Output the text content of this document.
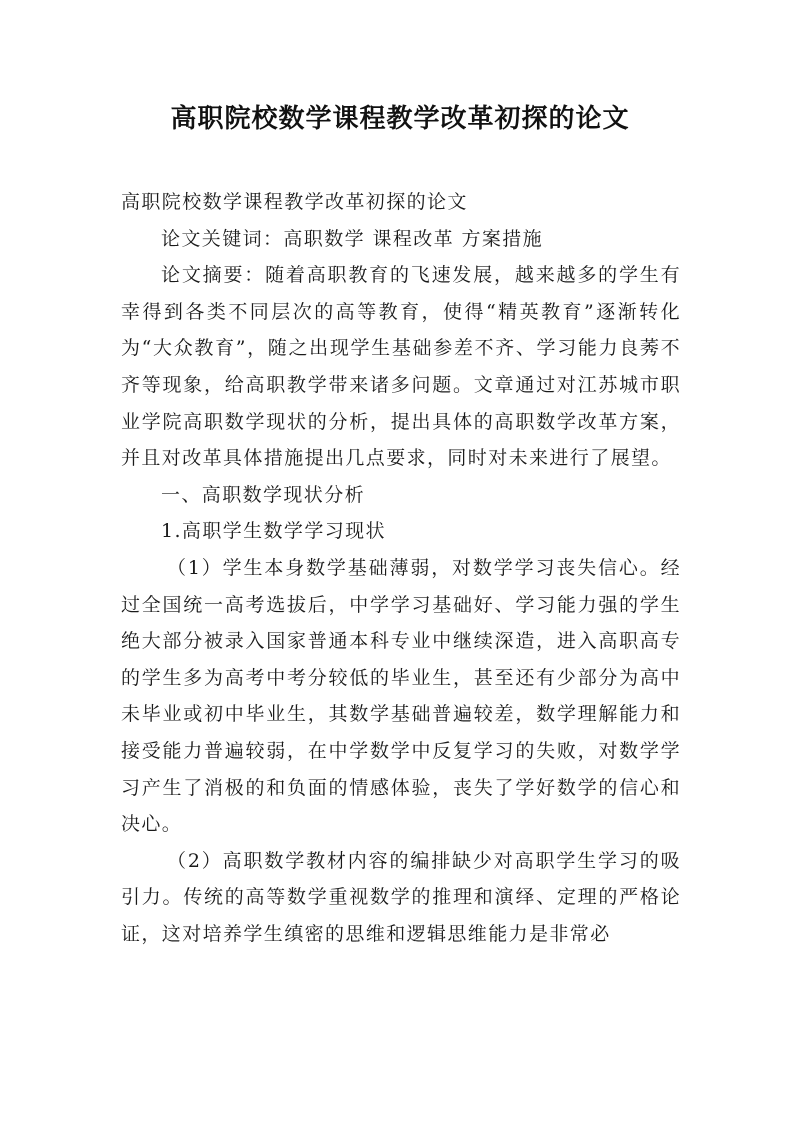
高职院校数学课程教学改革初探的论文

高职院校数学课程教学改革初探的论文

论文关键词：高职数学 课程改革 方案措施

论文摘要：随着高职教育的飞速发展，越来越多的学生有幸得到各类不同层次的高等教育，使得“精英教育”逐渐转化为“大众教育”，随之出现学生基础参差不齐、学习能力良莠不齐等现象，给高职教学带来诸多问题。文章通过对江苏城市职业学院高职数学现状的分析，提出具体的高职数学改革方案，并且对改革具体措施提出几点要求，同时对未来进行了展望。

一、高职数学现状分析

1.高职学生数学学习现状

（1）学生本身数学基础薄弱，对数学学习丧失信心。经过全国统一高考选拔后，中学学习基础好、学习能力强的学生绝大部分被录入国家普通本科专业中继续深造，进入高职高专的学生多为高考中考分较低的毕业生，甚至还有少部分为高中未毕业或初中毕业生，其数学基础普遍较差，数学理解能力和接受能力普遍较弱，在中学数学中反复学习的失败，对数学学习产生了消极的和负面的情感体验，丧失了学好数学的信心和决心。

（2）高职数学教材内容的编排缺少对高职学生学习的吸引力。传统的高等数学重视数学的推理和演绎、定理的严格论证，这对培养学生缜密的思维和逻辑思维能力是非常必
